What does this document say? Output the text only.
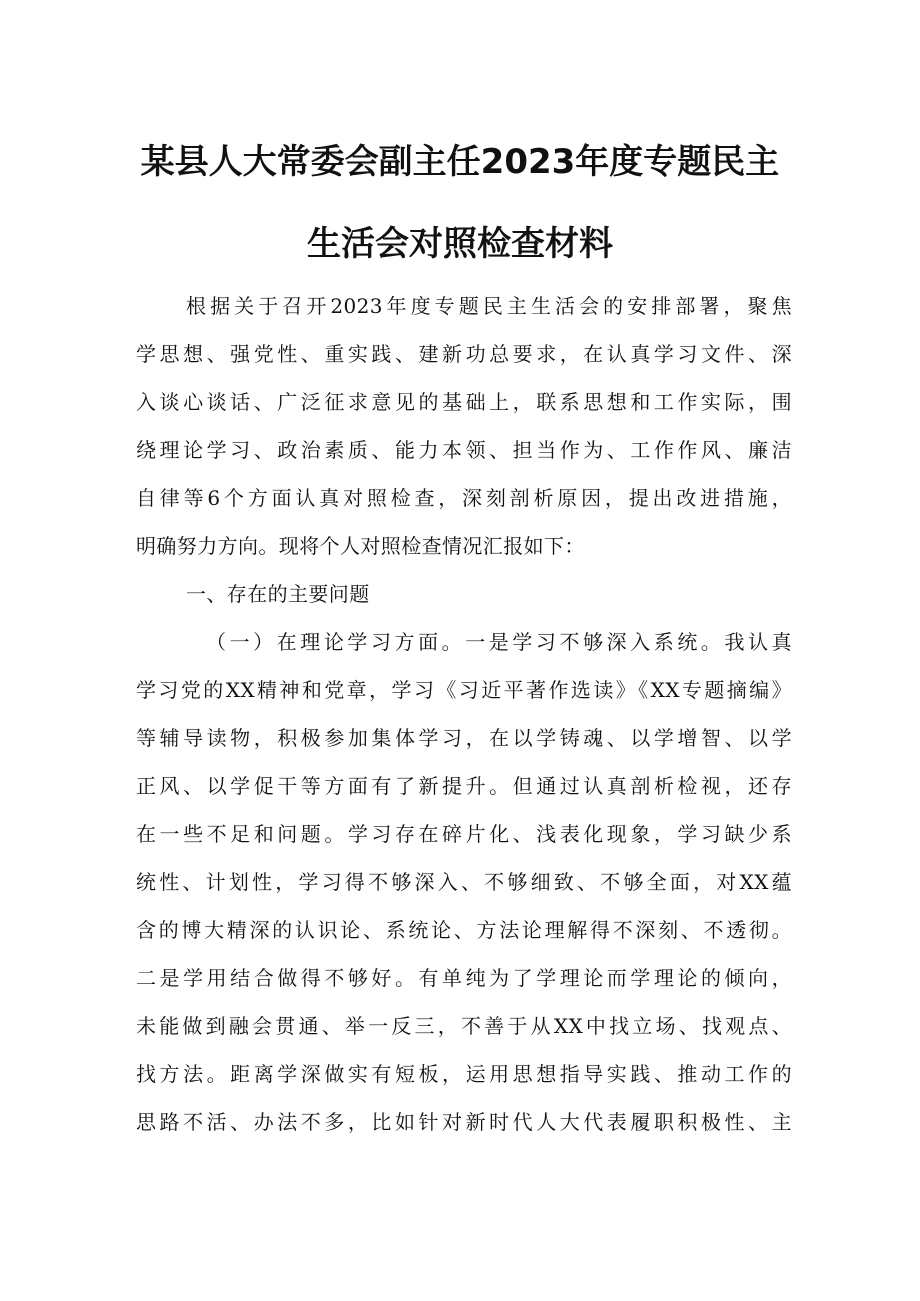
某县人大常委会副主任2023年度专题民主
生活会对照检查材料
根据关于召开2023年度专题民主生活会的安排部署，聚焦
学思想、强党性、重实践、建新功总要求，在认真学习文件、深
入谈心谈话、广泛征求意见的基础上，联系思想和工作实际，围
绕理论学习、政治素质、能力本领、担当作为、工作作风、廉洁
自律等6个方面认真对照检查，深刻剖析原因，提出改进措施，
明确努力方向。现将个人对照检查情况汇报如下：
一、存在的主要问题
（一）在理论学习方面。一是学习不够深入系统。我认真
学习党的XX精神和党章，学习《习近平著作选读》《XX专题摘编》
等辅导读物，积极参加集体学习，在以学铸魂、以学增智、以学
正风、以学促干等方面有了新提升。但通过认真剖析检视，还存
在一些不足和问题。学习存在碎片化、浅表化现象，学习缺少系
统性、计划性，学习得不够深入、不够细致、不够全面，对XX蕴
含的博大精深的认识论、系统论、方法论理解得不深刻、不透彻。
二是学用结合做得不够好。有单纯为了学理论而学理论的倾向，
未能做到融会贯通、举一反三，不善于从XX中找立场、找观点、
找方法。距离学深做实有短板，运用思想指导实践、推动工作的
思路不活、办法不多，比如针对新时代人大代表履职积极性、主
